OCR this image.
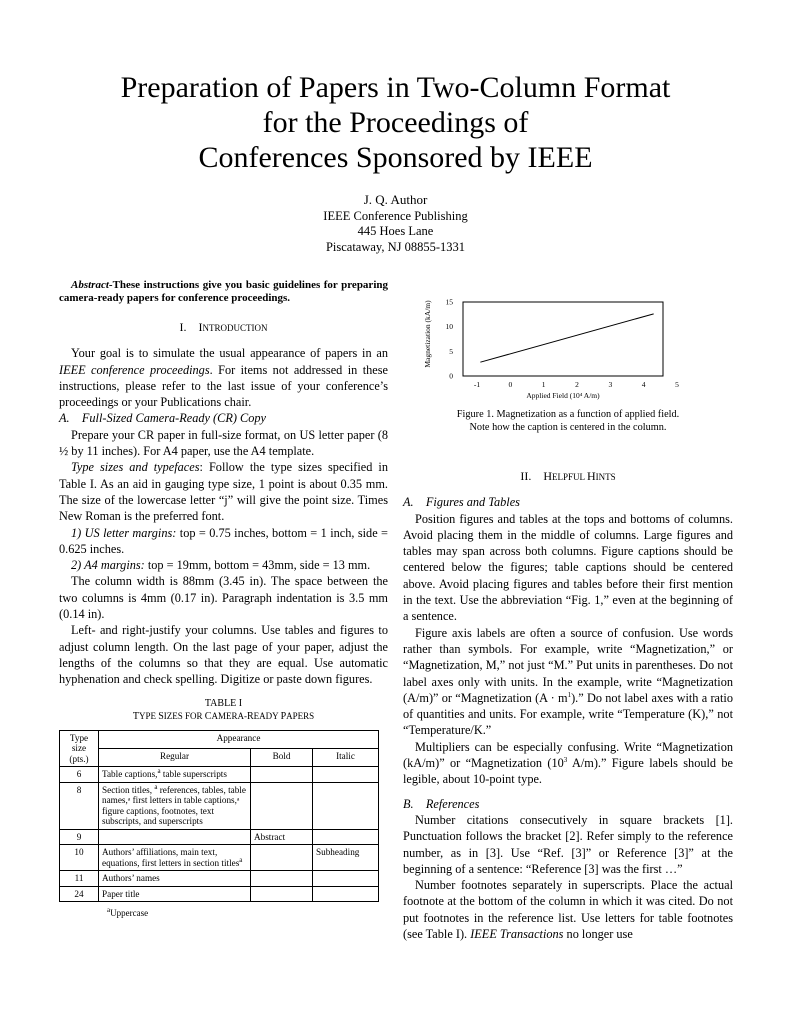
Preparation of Papers in Two-Column Format
for the Proceedings of
Conferences Sponsored by IEEE
J. Q. Author
IEEE Conference Publishing
445 Hoes Lane
Piscataway, NJ 08855-1331

Abstract-These instructions give you basic guidelines for preparing camera-ready papers for conference proceedings.

I. INTRODUCTION

Your goal is to simulate the usual appearance of papers in an IEEE conference proceedings. For items not addressed in these instructions, please refer to the last issue of your conference’s proceedings or your Publications chair.

A. Full-Sized Camera-Ready (CR) Copy

Prepare your CR paper in full-size format, on US letter paper (8 ½ by 11 inches). For A4 paper, use the A4 template.

Type sizes and typefaces: Follow the type sizes specified in Table I. As an aid in gauging type size, 1 point is about 0.35 mm. The size of the lowercase letter “j” will give the point size. Times New Roman is the preferred font.

1) US letter margins: top = 0.75 inches, bottom = 1 inch, side = 0.625 inches.

2) A4 margins: top = 19mm, bottom = 43mm, side = 13 mm.

The column width is 88mm (3.45 in). The space between the two columns is 4mm (0.17 in). Paragraph indentation is 3.5 mm (0.14 in).

Left- and right-justify your columns. Use tables and figures to adjust column length. On the last page of your paper, adjust the lengths of the columns so that they are equal. Use automatic hyphenation and check spelling. Digitize or paste down figures.

TABLE I
TYPE SIZES FOR CAMERA-READY PAPERS
Type size (pts.)	Appearance		
	Regular	Bold	Italic
6	Table captions,$^a$ table superscripts		
8	Section titles, $^a$ references, tables, table names,ᵃ first letters in table captions,ᵃ figure captions, footnotes, text subscripts, and superscripts		
9		Abstract	
10	Authors’ affiliations, main text, equations, first letters in section titles$^a$		Subheading
11	Authors’ names		
24	Paper title		
$^a$Uppercase
Magnetization (kA/m)
Applied Field (10⁴ A/m)
0
5
10
15
-1	0	1	2	3	4	5
Figure 1. Magnetization as a function of applied field.
Note how the caption is centered in the column.
II. HELPFUL HINTS

A. Figures and Tables

Position figures and tables at the tops and bottoms of columns. Avoid placing them in the middle of columns. Large figures and tables may span across both columns. Figure captions should be centered below the figures; table captions should be centered above. Avoid placing figures and tables before their first mention in the text. Use the abbreviation “Fig. 1,” even at the beginning of a sentence.

Figure axis labels are often a source of confusion. Use words rather than symbols. For example, write “Magnetization,” or “Magnetization, M,” not just “M.” Put units in parentheses. Do not label axes only with units. In the example, write “Magnetization (A/m)” or “Magnetization $(A \cdot m^1)$.” Do not label axes with a ratio of quantities and units. For example, write “Temperature (K),” not “Temperature/K.”

Multipliers can be especially confusing. Write “Magnetization (kA/m)” or “Magnetization ($10^3$ A/m).” Figure labels should be legible, about 10-point type.

B. References

Number citations consecutively in square brackets [1]. Punctuation follows the bracket [2]. Refer simply to the reference number, as in [3]. Use “Ref. [3]” or Reference [3]” at the beginning of a sentence: “Reference [3] was the first …”

Number footnotes separately in superscripts. Place the actual footnote at the bottom of the column in which it was cited. Do not put footnotes in the reference list. Use letters for table footnotes (see Table I). IEEE Transactions no longer use
